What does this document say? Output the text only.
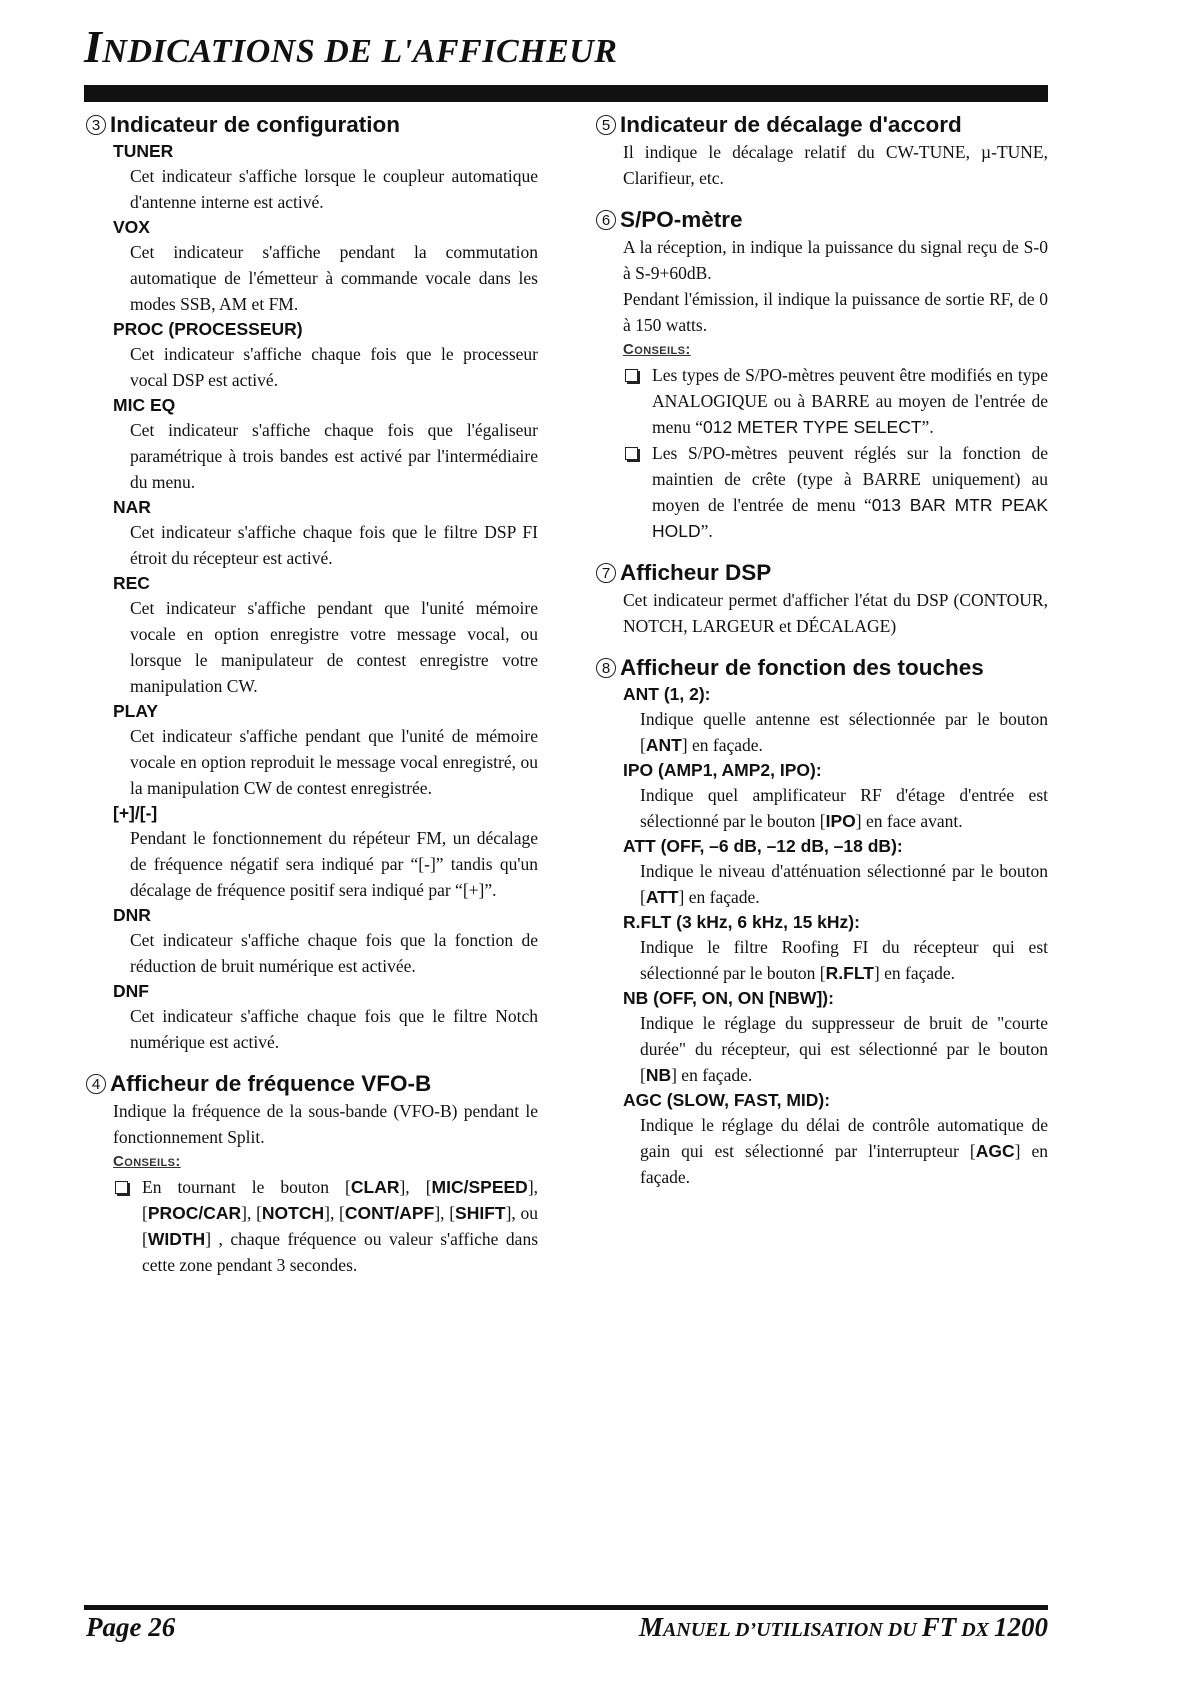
INDICATIONS DE L'AFFICHEUR
3 Indicateur de configuration
TUNER
Cet indicateur s'affiche lorsque le coupleur automatique d'antenne interne est activé.
VOX
Cet indicateur s'affiche pendant la commutation automatique de l'émetteur à commande vocale dans les modes SSB, AM et FM.
PROC (PROCESSEUR)
Cet indicateur s'affiche chaque fois que le processeur vocal DSP est activé.
MIC EQ
Cet indicateur s'affiche chaque fois que l'égaliseur paramétrique à trois bandes est activé par l'intermédiaire du menu.
NAR
Cet indicateur s'affiche chaque fois que le filtre DSP FI étroit du récepteur est activé.
REC
Cet indicateur s'affiche pendant que l'unité mémoire vocale en option enregistre votre message vocal, ou lorsque le manipulateur de contest enregistre votre manipulation CW.
PLAY
Cet indicateur s'affiche pendant que l'unité de mémoire vocale en option reproduit le message vocal enregistré, ou la manipulation CW de contest enregistrée.
[+]/[-]
Pendant le fonctionnement du répéteur FM, un décalage de fréquence négatif sera indiqué par “[-]” tandis qu'un décalage de fréquence positif sera indiqué par “[+]”.
DNR
Cet indicateur s'affiche chaque fois que la fonction de réduction de bruit numérique est activée.
DNF
Cet indicateur s'affiche chaque fois que le filtre Notch numérique est activé.
4 Afficheur de fréquence VFO-B
Indique la fréquence de la sous-bande (VFO-B) pendant le fonctionnement Split.
Conseils:
En tournant le bouton [CLAR], [MIC/SPEED], [PROC/CAR], [NOTCH], [CONT/APF], [SHIFT], ou [WIDTH] , chaque fréquence ou valeur s'affiche dans cette zone pendant 3 secondes.
5 Indicateur de décalage d'accord
Il indique le décalage relatif du CW-TUNE, µ-TUNE, Clarifieur, etc.
6 S/PO-mètre
A la réception, in indique la puissance du signal reçu de S-0 à S-9+60dB.
Pendant l'émission, il indique la puissance de sortie RF, de 0 à 150 watts.
Conseils:
Les types de S/PO-mètres peuvent être modifiés en type ANALOGIQUE ou à BARRE au moyen de l'entrée de menu “012 METER TYPE SELECT”.
Les S/PO-mètres peuvent réglés sur la fonction de maintien de crête (type à BARRE uniquement) au moyen de l'entrée de menu “013 BAR MTR PEAK HOLD”.
7 Afficheur DSP
Cet indicateur permet d'afficher l'état du DSP (CONTOUR, NOTCH, LARGEUR et DÉCALAGE)
8 Afficheur de fonction des touches
ANT (1, 2):
Indique quelle antenne est sélectionnée par le bouton [ANT] en façade.
IPO (AMP1, AMP2, IPO):
Indique quel amplificateur RF d'étage d'entrée est sélectionné par le bouton [IPO] en face avant.
ATT (OFF, –6 dB, –12 dB, –18 dB):
Indique le niveau d'atténuation sélectionné par le bouton [ATT] en façade.
R.FLT (3 kHz, 6 kHz, 15 kHz):
Indique le filtre Roofing FI du récepteur qui est sélectionné par le bouton [R.FLT] en façade.
NB (OFF, ON, ON [NBW]):
Indique le réglage du suppresseur de bruit de "courte durée" du récepteur, qui est sélectionné par le bouton [NB] en façade.
AGC (SLOW, FAST, MID):
Indique le réglage du délai de contrôle automatique de gain qui est sélectionné par l'interrupteur [AGC] en façade.
Page 26	MANUEL D’UTILISATION DU FT DX 1200
